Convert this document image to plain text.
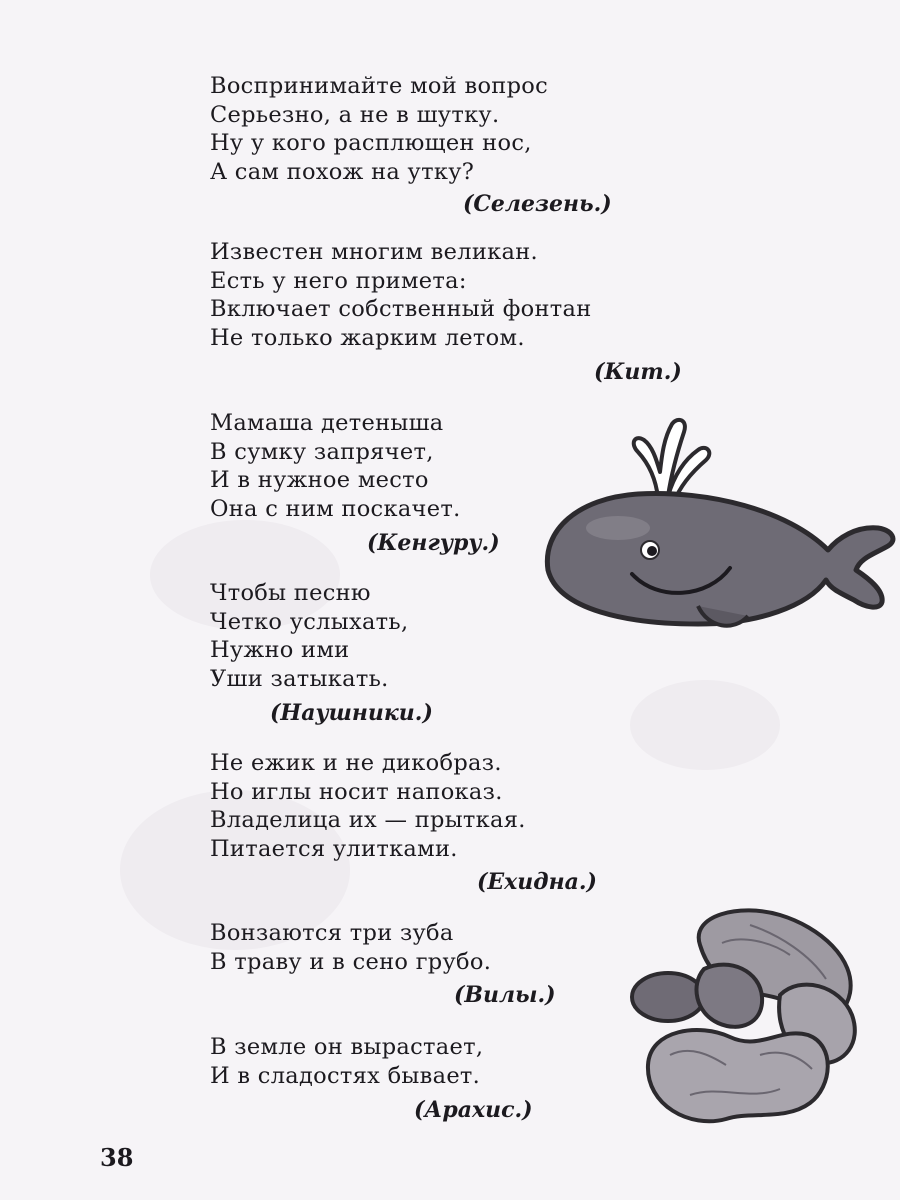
Воспринимайте мой вопрос
Серьезно, а не в шутку.
Ну у кого расплющен нос,
А сам похож на утку?
(Селезень.)
Известен многим великан.
Есть у него примета:
Включает собственный фонтан
Не только жарким летом.
(Кит.)
Мамаша детеныша
В сумку запрячет,
И в нужное место
Она с ним поскачет.
(Кенгуру.)
Чтобы песню
Четко услыхать,
Нужно ими
Уши затыкать.
(Наушники.)
Не ежик и не дикобраз.
Но иглы носит напоказ.
Владелица их — прыткая.
Питается улитками.
(Ехидна.)
Вонзаются три зуба
В траву и в сено грубо.
(Вилы.)
В земле он вырастает,
И в сладостях бывает.
(Арахис.)
38
